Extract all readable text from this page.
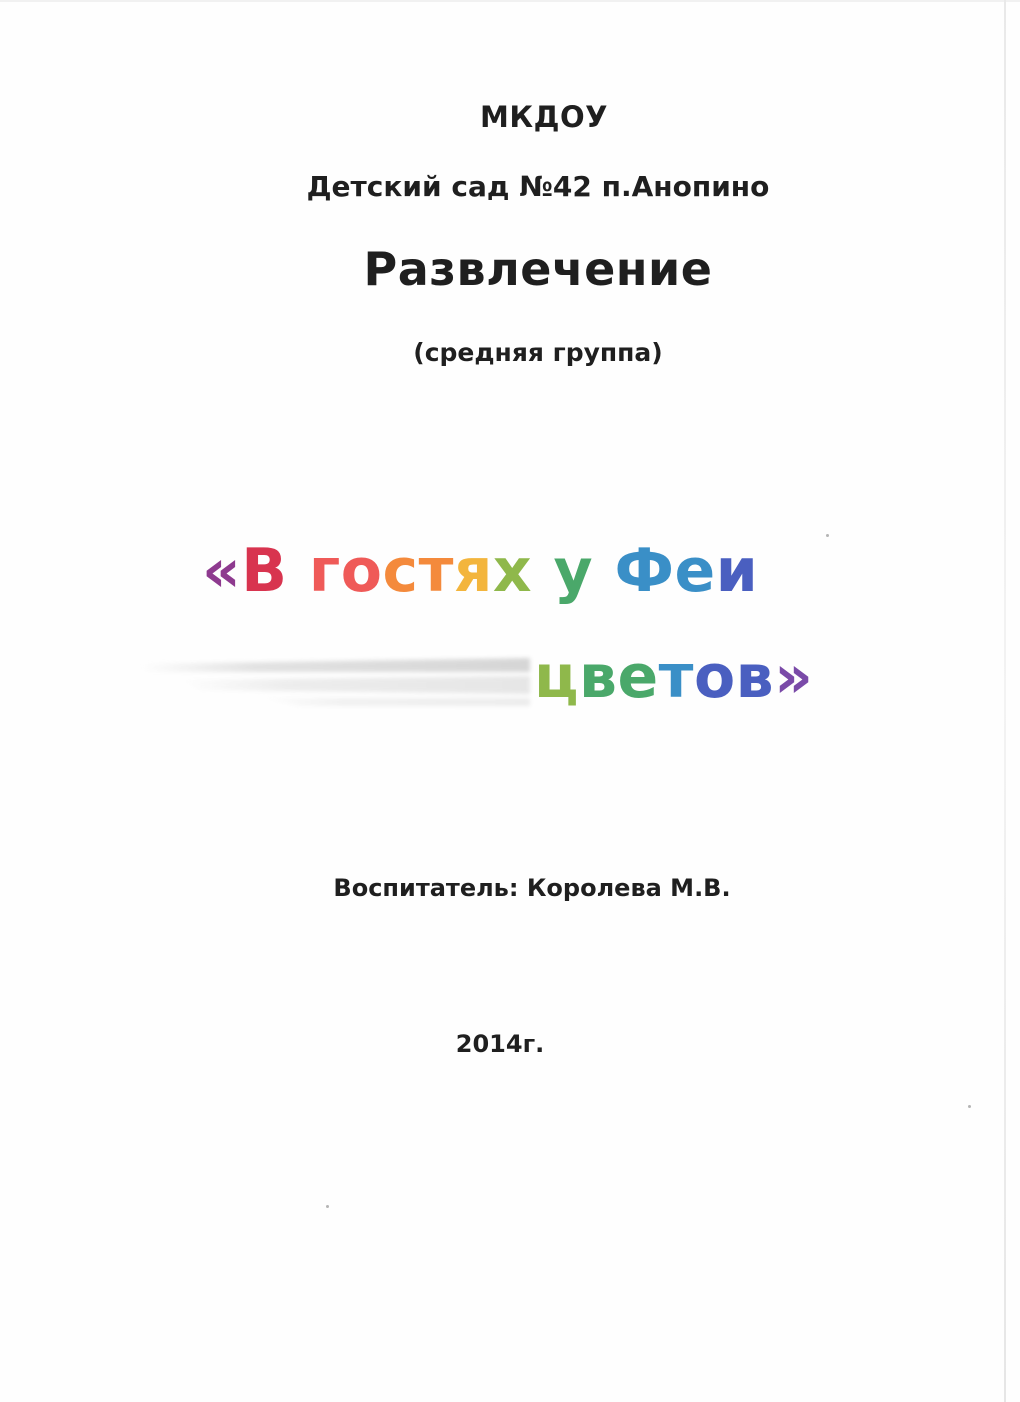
МКДОУ
Детский сад №42 п.Анопино
Развлечение
(средняя группа)
«В гостях у Феи
цветов»
Воспитатель: Королева М.В.
2014г.
